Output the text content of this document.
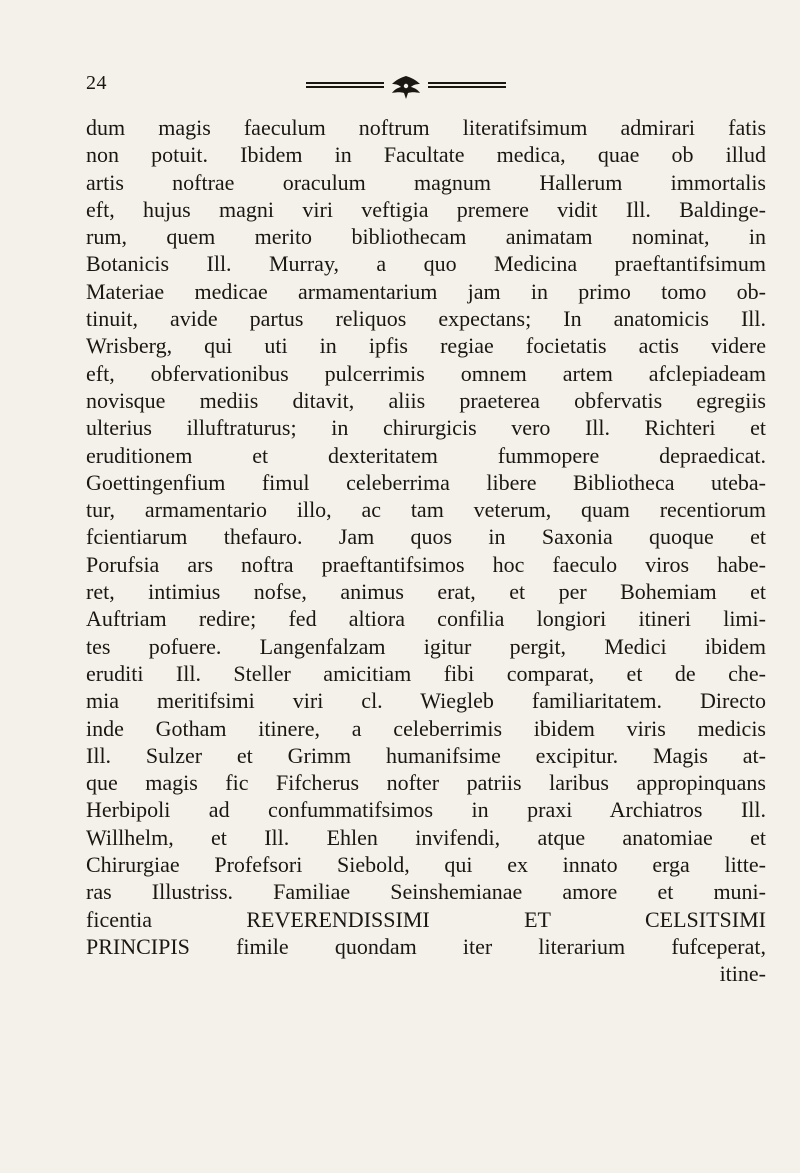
24
dum magis faeculum noftrum literatifsimum admirari fatis
non potuit. Ibidem in Facultate medica, quae ob illud
artis noftrae oraculum magnum Hallerum immortalis
eft, hujus magni viri veftigia premere vidit Ill. Baldinge-
rum, quem merito bibliothecam animatam nominat, in
Botanicis Ill. Murray, a quo Medicina praeftantifsimum
Materiae medicae armamentarium jam in primo tomo ob-
tinuit, avide partus reliquos expectans; In anatomicis Ill.
Wrisberg, qui uti in ipfis regiae focietatis actis videre
eft, obfervationibus pulcerrimis omnem artem afclepiadeam
novisque mediis ditavit, aliis praeterea obfervatis egregiis
ulterius illuftraturus; in chirurgicis vero Ill. Richteri et
eruditionem et dexteritatem fummopere depraedicat.
Goettingenfium fimul celeberrima libere Bibliotheca uteba-
tur, armamentario illo, ac tam veterum, quam recentiorum
fcientiarum thefauro. Jam quos in Saxonia quoque et
Porufsia ars noftra praeftantifsimos hoc faeculo viros habe-
ret, intimius nofse, animus erat, et per Bohemiam et
Auftriam redire; fed altiora confilia longiori itineri limi-
tes pofuere. Langenfalzam igitur pergit, Medici ibidem
eruditi Ill. Steller amicitiam fibi comparat, et de che-
mia meritifsimi viri cl. Wiegleb familiaritatem. Directo
inde Gotham itinere, a celeberrimis ibidem viris medicis
Ill. Sulzer et Grimm humanifsime excipitur. Magis at-
que magis fic Fifcherus nofter patriis laribus appropinquans
Herbipoli ad confummatifsimos in praxi Archiatros Ill.
Willhelm, et Ill. Ehlen invifendi, atque anatomiae et
Chirurgiae Profefsori Siebold, qui ex innato erga litte-
ras Illustriss. Familiae Seinshemianae amore et muni-
ficentia REVERENDISSIMI ET CELSITSIMI
PRINCIPIS fimile quondam iter literarium fufceperat,
itine-
